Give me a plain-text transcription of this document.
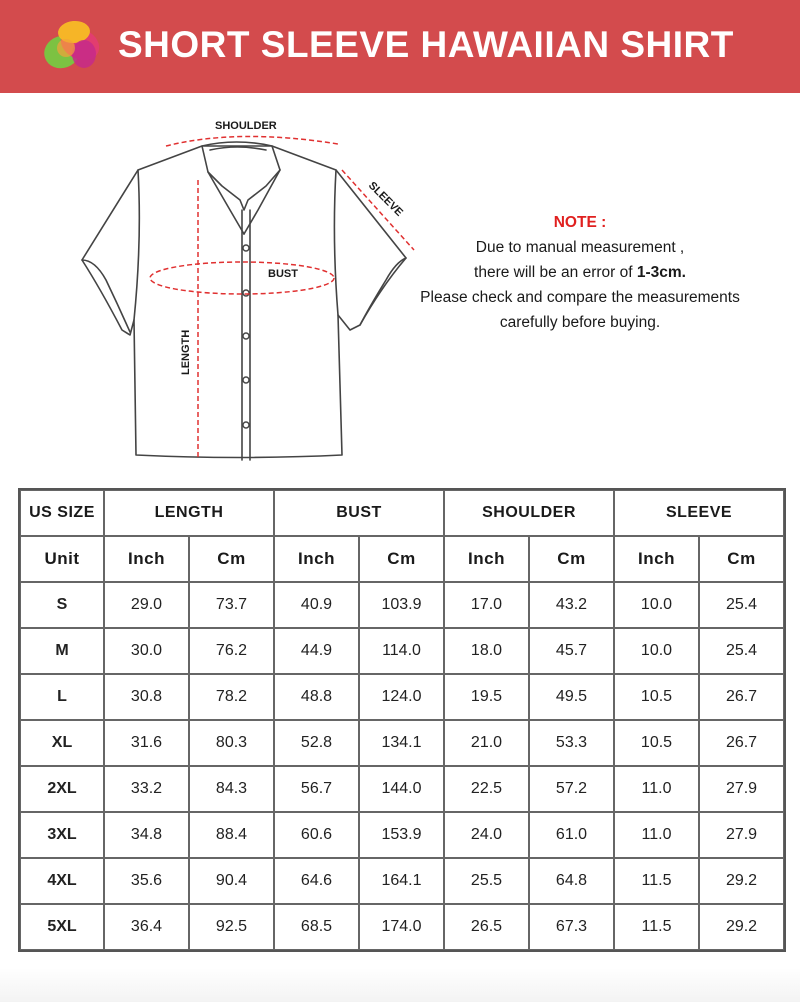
SHORT SLEEVE HAWAIIAN SHIRT
SHOULDER
SLEEVE
BUST
LENGTH
NOTE :
Due to manual measurement ,
there will be an error of 1-3cm.
Please check and compare the measurements
carefully before buying.
US SIZE	LENGTH		BUST		SHOULDER		SLEEVE	
Unit	Inch	Cm	Inch	Cm	Inch	Cm	Inch	Cm
S	29.0	73.7	40.9	103.9	17.0	43.2	10.0	25.4
M	30.0	76.2	44.9	114.0	18.0	45.7	10.0	25.4
L	30.8	78.2	48.8	124.0	19.5	49.5	10.5	26.7
XL	31.6	80.3	52.8	134.1	21.0	53.3	10.5	26.7
2XL	33.2	84.3	56.7	144.0	22.5	57.2	11.0	27.9
3XL	34.8	88.4	60.6	153.9	24.0	61.0	11.0	27.9
4XL	35.6	90.4	64.6	164.1	25.5	64.8	11.5	29.2
5XL	36.4	92.5	68.5	174.0	26.5	67.3	11.5	29.2
